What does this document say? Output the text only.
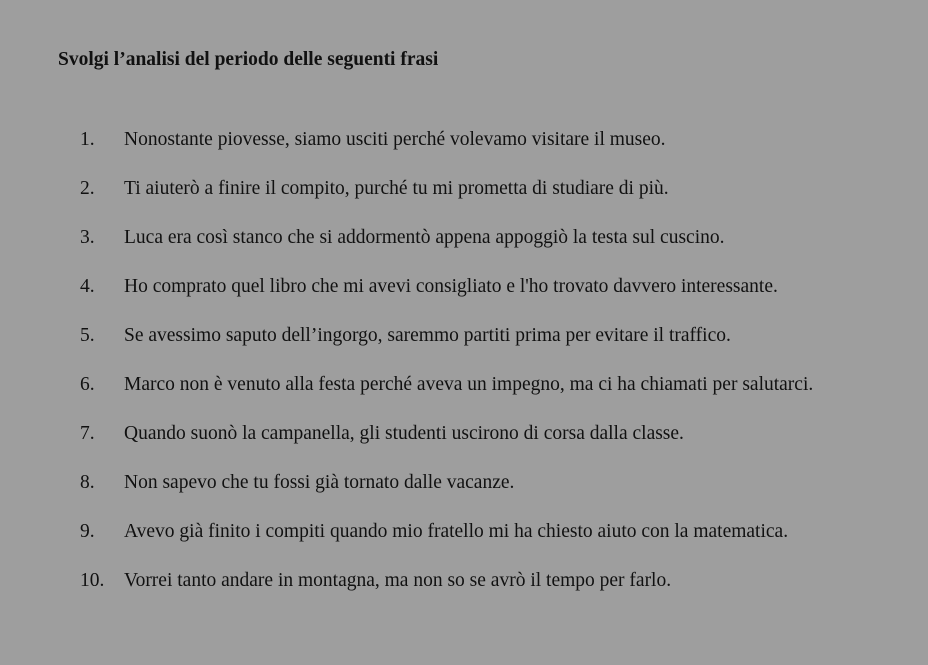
Svolgi l’analisi del periodo delle seguenti frasi
1. Nonostante piovesse, siamo usciti perché volevamo visitare il museo.
2. Ti aiuterò a finire il compito, purché tu mi prometta di studiare di più.
3. Luca era così stanco che si addormentò appena appoggiò la testa sul cuscino.
4. Ho comprato quel libro che mi avevi consigliato e l'ho trovato davvero interessante.
5. Se avessimo saputo dell’ingorgo, saremmo partiti prima per evitare il traffico.
6. Marco non è venuto alla festa perché aveva un impegno, ma ci ha chiamati per salutarci.
7. Quando suonò la campanella, gli studenti uscirono di corsa dalla classe.
8. Non sapevo che tu fossi già tornato dalle vacanze.
9. Avevo già finito i compiti quando mio fratello mi ha chiesto aiuto con la matematica.
10. Vorrei tanto andare in montagna, ma non so se avrò il tempo per farlo.
